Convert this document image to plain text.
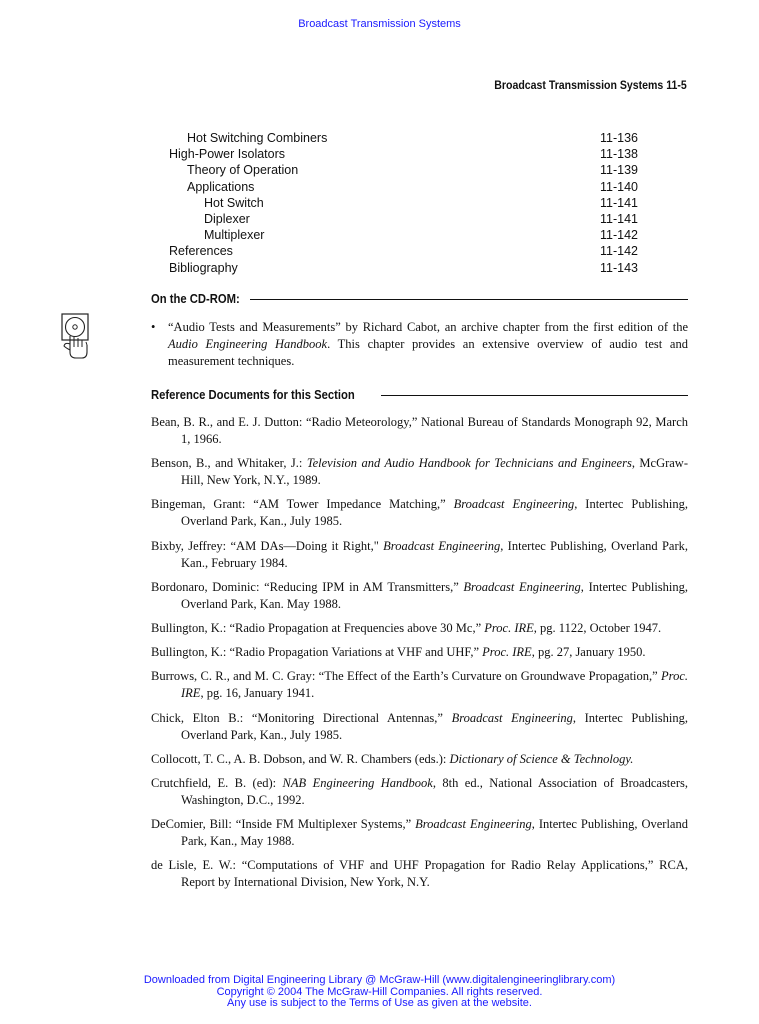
Broadcast Transmission Systems
Broadcast Transmission Systems 11-5
Hot Switching Combiners	11-136
High-Power Isolators	11-138
Theory of Operation	11-139
Applications	11-140
Hot Switch	11-141
Diplexer	11-141
Multiplexer	11-142
References	11-142
Bibliography	11-143
On the CD-ROM:
• “Audio Tests and Measurements” by Richard Cabot, an archive chapter from the first edition of the Audio Engineering Handbook. This chapter provides an extensive overview of audio test and measurement techniques.
Reference Documents for this Section
Bean, B. R., and E. J. Dutton: “Radio Meteorology,” National Bureau of Standards Monograph 92, March 1, 1966.
Benson, B., and Whitaker, J.: Television and Audio Handbook for Technicians and Engineers, McGraw-Hill, New York, N.Y., 1989.
Bingeman, Grant: “AM Tower Impedance Matching,” Broadcast Engineering, Intertec Publishing, Overland Park, Kan., July 1985.
Bixby, Jeffrey: “AM DAs—Doing it Right," Broadcast Engineering, Intertec Publishing, Overland Park, Kan., February 1984.
Bordonaro, Dominic: “Reducing IPM in AM Transmitters,” Broadcast Engineering, Intertec Publishing, Overland Park, Kan. May 1988.
Bullington, K.: “Radio Propagation at Frequencies above 30 Mc,” Proc. IRE, pg. 1122, October 1947.
Bullington, K.: “Radio Propagation Variations at VHF and UHF,” Proc. IRE, pg. 27, January 1950.
Burrows, C. R., and M. C. Gray: “The Effect of the Earth’s Curvature on Groundwave Propagation,” Proc. IRE, pg. 16, January 1941.
Chick, Elton B.: “Monitoring Directional Antennas,” Broadcast Engineering, Intertec Publishing, Overland Park, Kan., July 1985.
Collocott, T. C., A. B. Dobson, and W. R. Chambers (eds.): Dictionary of Science & Technology.
Crutchfield, E. B. (ed): NAB Engineering Handbook, 8th ed., National Association of Broadcasters, Washington, D.C., 1992.
DeComier, Bill: “Inside FM Multiplexer Systems,” Broadcast Engineering, Intertec Publishing, Overland Park, Kan., May 1988.
de Lisle, E. W.: “Computations of VHF and UHF Propagation for Radio Relay Applications,” RCA, Report by International Division, New York, N.Y.
Downloaded from Digital Engineering Library @ McGraw-Hill (www.digitalengineeringlibrary.com)
Copyright © 2004 The McGraw-Hill Companies. All rights reserved.
Any use is subject to the Terms of Use as given at the website.
